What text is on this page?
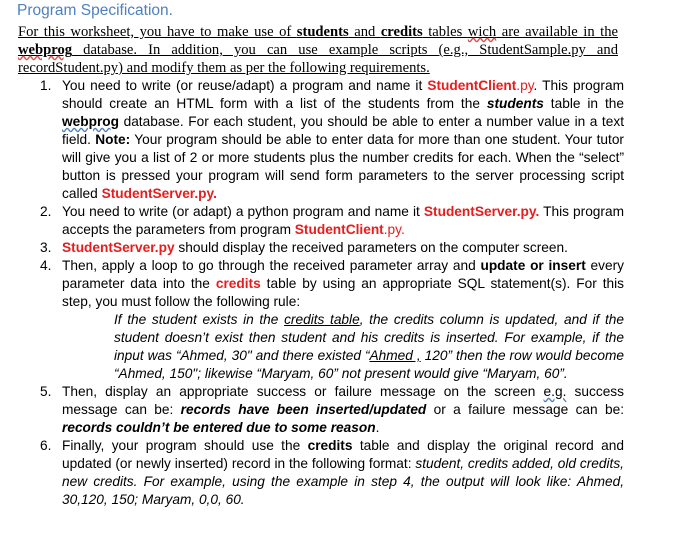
Program Specification.
For this worksheet, you have to make use of students and credits tables wich are available in the webprog database. In addition, you can use example scripts (e.g., StudentSample.py and recordStudent.py) and modify them as per the following requirements.
1. You need to write (or reuse/adapt) a program and name it StudentClient.py. This program should create an HTML form with a list of the students from the students table in the webprog database. For each student, you should be able to enter a number value in a text field. Note: Your program should be able to enter data for more than one student. Your tutor will give you a list of 2 or more students plus the number credits for each. When the “select” button is pressed your program will send form parameters to the server processing script called StudentServer.py.
2. You need to write (or adapt) a python program and name it StudentServer.py. This program accepts the parameters from program StudentClient.py.
3. StudentServer.py should display the received parameters on the computer screen.
4. Then, apply a loop to go through the received parameter array and update or insert every parameter data into the credits table by using an appropriate SQL statement(s). For this step, you must follow the following rule:
If the student exists in the credits table, the credits column is updated, and if the student doesn’t exist then student and his credits is inserted. For example, if the input was “Ahmed, 30" and there existed “Ahmed , 120” then the row would become “Ahmed, 150"; likewise “Maryam, 60” not present would give “Maryam, 60”.
5. Then, display an appropriate success or failure message on the screen e.g. success message can be: records have been inserted/updated or a failure message can be: records couldn’t be entered due to some reason.
6. Finally, your program should use the credits table and display the original record and updated (or newly inserted) record in the following format: student, credits added, old credits, new credits. For example, using the example in step 4, the output will look like: Ahmed, 30,120, 150; Maryam, 0,0, 60.
